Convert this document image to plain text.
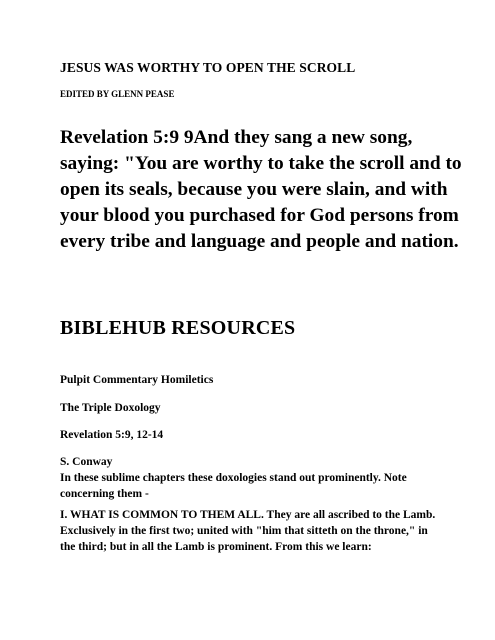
JESUS WAS WORTHY TO OPEN THE SCROLL

EDITED BY GLENN PEASE

Revelation 5:9 9And they sang a new song,
saying: "You are worthy to take the scroll and to
open its seals, because you were slain, and with
your blood you purchased for God persons from
every tribe and language and people and nation.

BIBLEHUB RESOURCES

Pulpit Commentary Homiletics

The Triple Doxology

Revelation 5:9, 12-14

S. Conway

In these sublime chapters these doxologies stand out prominently. Note
concerning them -
I. WHAT IS COMMON TO THEM ALL. They are all ascribed to the Lamb.
Exclusively in the first two; united with "him that sitteth on the throne," in
the third; but in all the Lamb is prominent. From this we learn:
